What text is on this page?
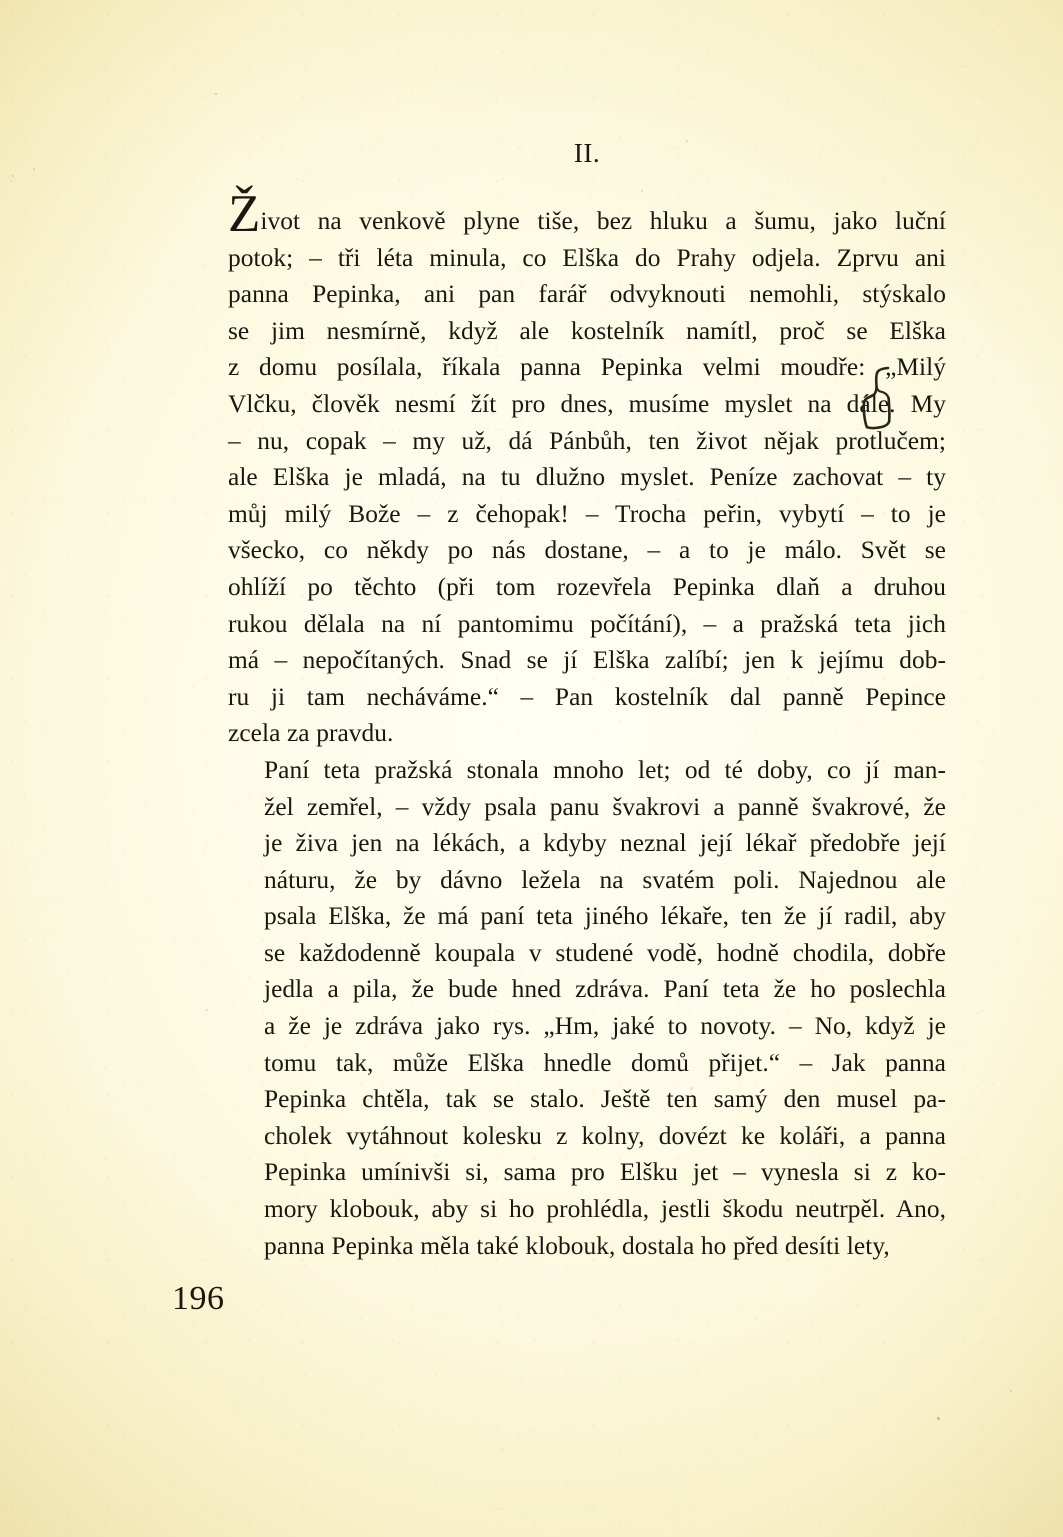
II.

Život na venkově plyne tiše, bez hluku a šumu, jako luční
potok; – tři léta minula, co Elška do Prahy odjela. Zprvu ani
panna Pepinka, ani pan farář odvyknouti nemohli, stýskalo
se jim nesmírně, když ale kostelník namítl, proč se Elška
z domu posílala, říkala panna Pepinka velmi moudře: „Milý
Vlčku, člověk nesmí žít pro dnes, musíme myslet na dále. My
– nu, copak – my už, dá Pánbůh, ten život nějak protlučem;
ale Elška je mladá, na tu dlužno myslet. Peníze zachovat – ty
můj milý Bože – z čehopak! – Trocha peřin, vybytí – to je
všecko, co někdy po nás dostane, – a to je málo. Svět se
ohlíží po těchto (při tom rozevřela Pepinka dlaň a druhou
rukou dělala na ní pantomimu počítání), – a pražská teta jich
má – nepočítaných. Snad se jí Elška zalíbí; jen k jejímu dob-
ru ji tam necháváme.“ – Pan kostelník dal panně Pepince
zcela za pravdu.

Paní teta pražská stonala mnoho let; od té doby, co jí man-
žel zemřel, – vždy psala panu švakrovi a panně švakrové, že
je živa jen na lékách, a kdyby neznal její lékař předobře její
náturu, že by dávno ležela na svatém poli. Najednou ale
psala Elška, že má paní teta jiného lékaře, ten že jí radil, aby
se každodenně koupala v studené vodě, hodně chodila, dobře
jedla a pila, že bude hned zdráva. Paní teta že ho poslechla
a že je zdráva jako rys. „Hm, jaké to novoty. – No, když je
tomu tak, může Elška hnedle domů přijet.“ – Jak panna
Pepinka chtěla, tak se stalo. Ještě ten samý den musel pa-
cholek vytáhnout kolesku z kolny, dovézt ke koláři, a panna
Pepinka umínivši si, sama pro Elšku jet – vynesla si z ko-
mory klobouk, aby si ho prohlédla, jestli škodu neutrpěl. Ano,
panna Pepinka měla také klobouk, dostala ho před desíti lety,

196
